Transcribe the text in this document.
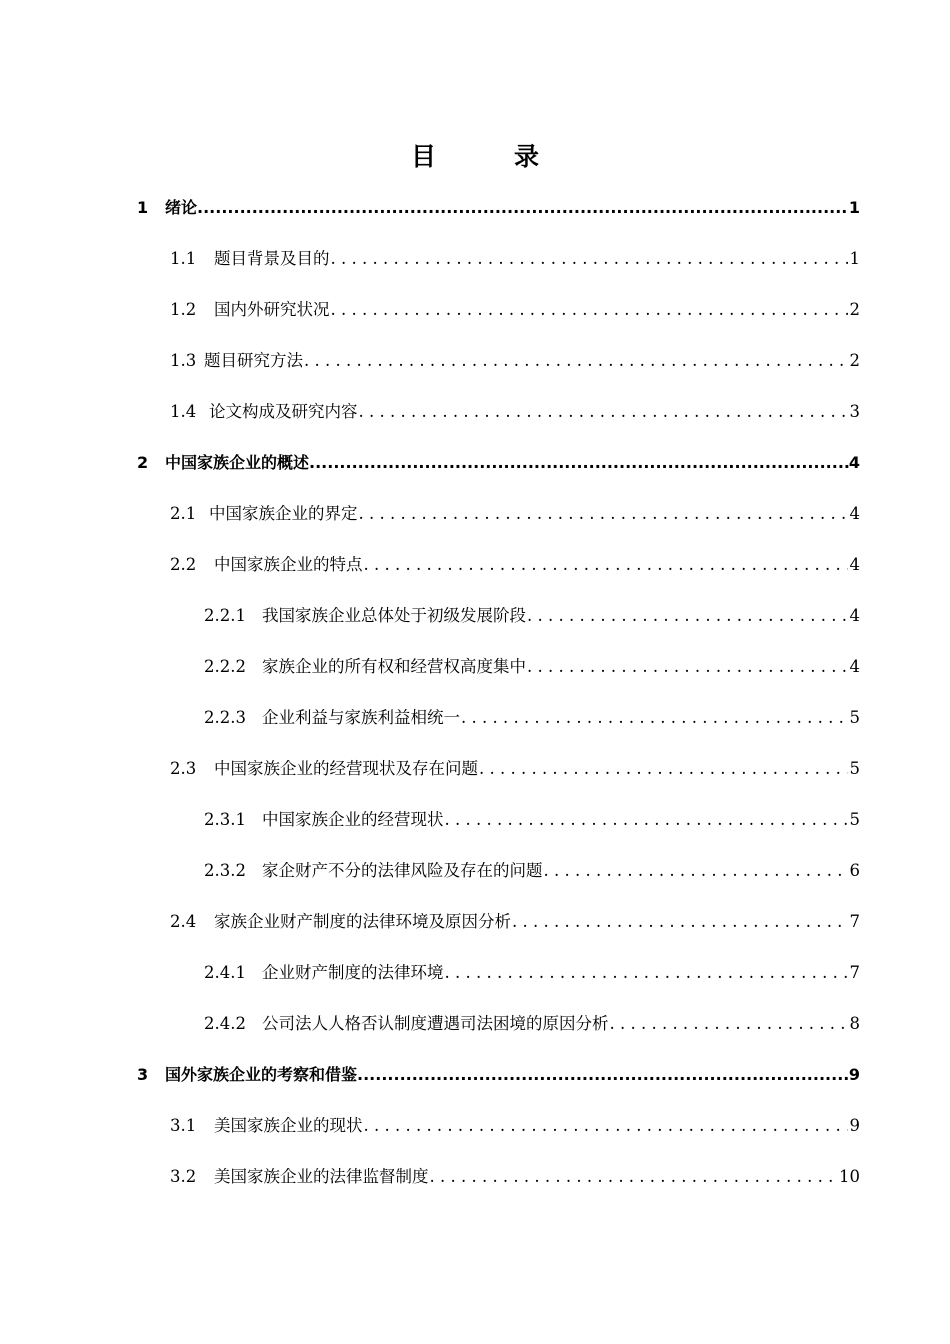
目	录
1	绪论 .....	1
1.1	题目背景及目的 . . .	1
1.2	国内外研究状况 . . .	2
1.3 题目研究方法 . . .	2
1.4 论文构成及研究内容 . . .	3
2	中国家族企业的概述 .....	4
2.1 中国家族企业的界定 . . .	4
2.2	中国家族企业的特点 . . .	4
2.2.1 我国家族企业总体处于初级发展阶段 . . .	4
2.2.2 家族企业的所有权和经营权高度集中 . . .	4
2.2.3 企业利益与家族利益相统一 . . .	5
2.3	中国家族企业的经营现状及存在问题 . . .	5
2.3.1 中国家族企业的经营现状 . . .	5
2.3.2 家企财产不分的法律风险及存在的问题 . . .	6
2.4	家族企业财产制度的法律环境及原因分析 . . .	7
2.4.1 企业财产制度的法律环境 . . .	7
2.4.2 公司法人人格否认制度遭遇司法困境的原因分析 . . .	8
3	国外家族企业的考察和借鉴 .....	9
3.1	美国家族企业的现状 . . .	9
3.2	美国家族企业的法律监督制度 . . .	10
